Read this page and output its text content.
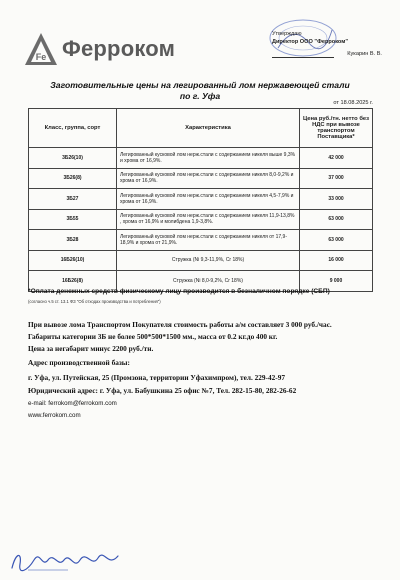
Fe Ферроком
Утверждаю
Директор ООО "Ферроком"
Кукарин В. В.
Заготовительные цены на легированный лом нержавеющей стали
по г. Уфа
от 18.08.2025 г.
Класс, группа, сорт	Характеристика	Цена руб./тн. нетто без НДС при вывозе транспортом Поставщика*
3Б26(10)	Легированный кусковой лом нерж.стали с содержанием никеля выше 9,3% и хрома от 16,9%.	42 000
3Б26(8)	Легированный кусковой лом нерж.стали с содержанием никеля 8,0-9,2% и хрома от 16,9%.	37 000
3Б27	Легированный кусковой лом нерж.стали с содержанием никеля 4,5-7,9% и хрома от 16,9%.	33 000
3Б55	Легированный кусковой лом нерж.стали с содержанием никеля 11,9-13,8% , хрома от 16,9% и молибдена 1,9-3,8%.	63 000
3Б28	Легированный кусковой лом нерж.стали с содержанием никеля от 17,9-18,9% и хрома от 21,9%.	63 000
16Б26(10)	Стружка (Ni 9,3-11,9%, Cr 18%)	16 000
16Б26(8)	Стружка (Ni 8,0-9,2%, Cr 18%)	9 000
*Оплата денежных средств физическому лицу производится в безналичном порядке (СБП)
(согласно ч.5 ст. 13.1 ФЗ "Об отходах производства и потребления")
При вывозе лома Транспортом Покупателя стоимость работы а/м составляет 3 000 руб./час.
Габариты категории 3Б не более 500*500*1500 мм., масса от 0.2 кг.до 400 кг.
Цена за негабарит минус 2200 руб./тн.
Адрес производственной базы:
г. Уфа, ул. Путейская, 25 (Промзона, территории Уфахимпром), тел. 229-42-97
Юридический адрес: г. Уфа, ул. Бабушкина 25 офис №7, Тел. 282-15-80, 282-26-62
e-mail: ferrokom@ferrokom.com
www.ferrokom.com
